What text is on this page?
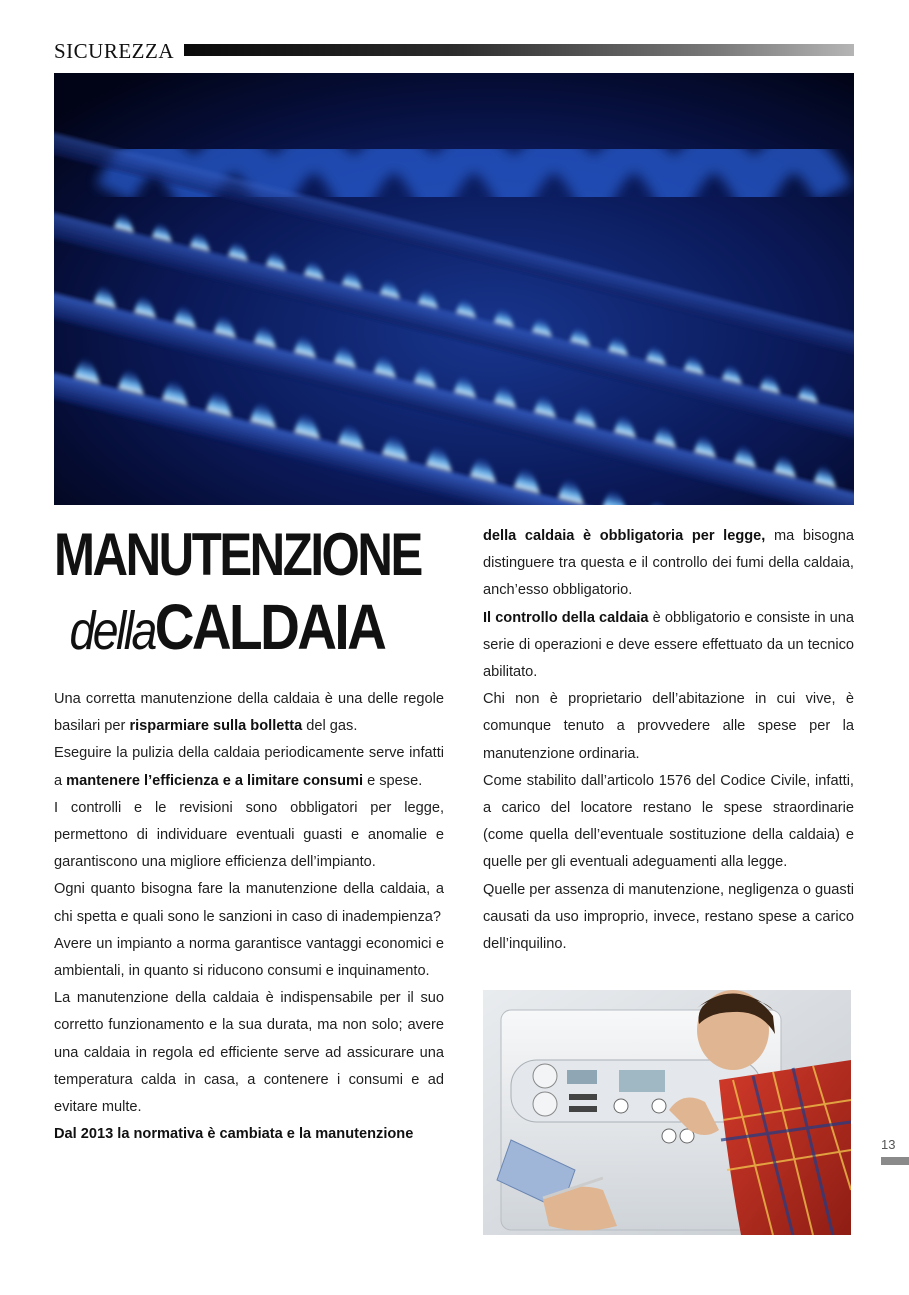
SICUREZZA
MANUTENZIONE
dellaCALDAIA

Una corretta manutenzione della caldaia è una delle regole basilari per risparmiare sulla bolletta del gas.

Eseguire la pulizia della caldaia periodicamente serve infatti a mantenere l’efficienza e a limitare consumi e spese.

I controlli e le revisioni sono obbligatori per legge, permettono di individuare eventuali guasti e anomalie e garantiscono una migliore efficienza dell’impianto.

Ogni quanto bisogna fare la manutenzione della caldaia, a chi spetta e quali sono le sanzioni in caso di inadempienza?

Avere un impianto a norma garantisce vantaggi economici e ambientali, in quanto si riducono consumi e inquinamento.

La manutenzione della caldaia è indispensabile per il suo corretto funzionamento e la sua durata, ma non solo; avere una caldaia in regola ed efficiente serve ad assicurare una temperatura calda in casa, a contenere i consumi e ad evitare multe.

Dal 2013 la normativa è cambiata e la manutenzione

della caldaia è obbligatoria per legge, ma bisogna distinguere tra questa e il controllo dei fumi della caldaia, anch’esso obbligatorio.

Il controllo della caldaia è obbligatorio e consiste in una serie di operazioni e deve essere effettuato da un tecnico abilitato.

Chi non è proprietario dell’abitazione in cui vive, è comunque tenuto a provvedere alle spese per la manutenzione ordinaria.

Come stabilito dall’articolo 1576 del Codice Civile, infatti, a carico del locatore restano le spese straordinarie (come quella dell’eventuale sostituzione della caldaia) e quelle per gli eventuali adeguamenti alla legge.

Quelle per assenza di manutenzione, negligenza o guasti causati da uso improprio, invece, restano spese a carico dell’inquilino.

13
